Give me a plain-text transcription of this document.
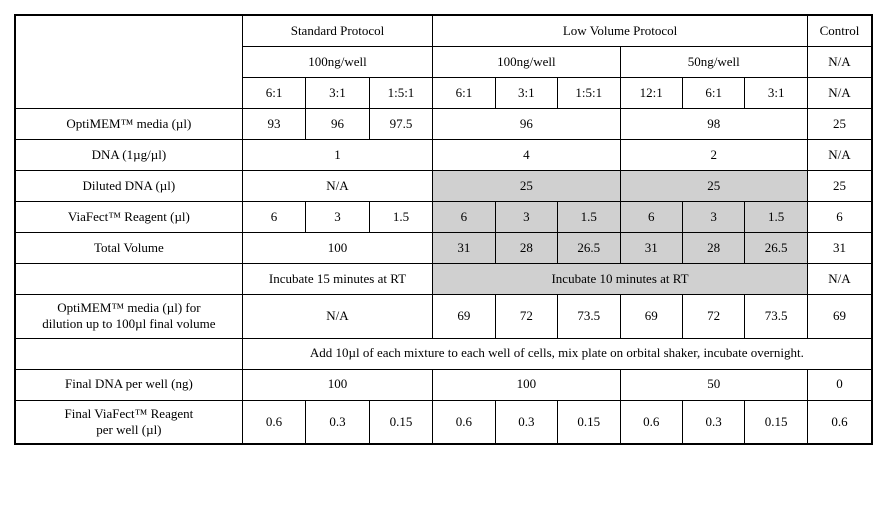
	Standard Protocol			Low Volume Protocol						Control
	100ng/well			100ng/well			50ng/well			N/A
	6:1	3:1	1:5:1	6:1	3:1	1:5:1	12:1	6:1	3:1	N/A
OptiMEM™ media (µl)	93	96	97.5	96			98			25
DNA (1µg/µl)	1			4			2			N/A
Diluted DNA (µl)	N/A			25			25			25
ViaFect™ Reagent (µl)	6	3	1.5	6	3	1.5	6	3	1.5	6
Total Volume	100			31	28	26.5	31	28	26.5	31
	Incubate 15 minutes at RT			Incubate 10 minutes at RT						N/A

OptiMEM™ media (µl) for
dilution up to 100µl final volume	N/A			69	72	73.5	69	72	73.5	69
	Add 10µl of each mixture to each well of cells, mix plate on orbital shaker, incubate overnight.									
Final DNA per well (ng)	100			100			50			0

Final ViaFect™ Reagent
per well (µl)	0.6	0.3	0.15	0.6	0.3	0.15	0.6	0.3	0.15	0.6
